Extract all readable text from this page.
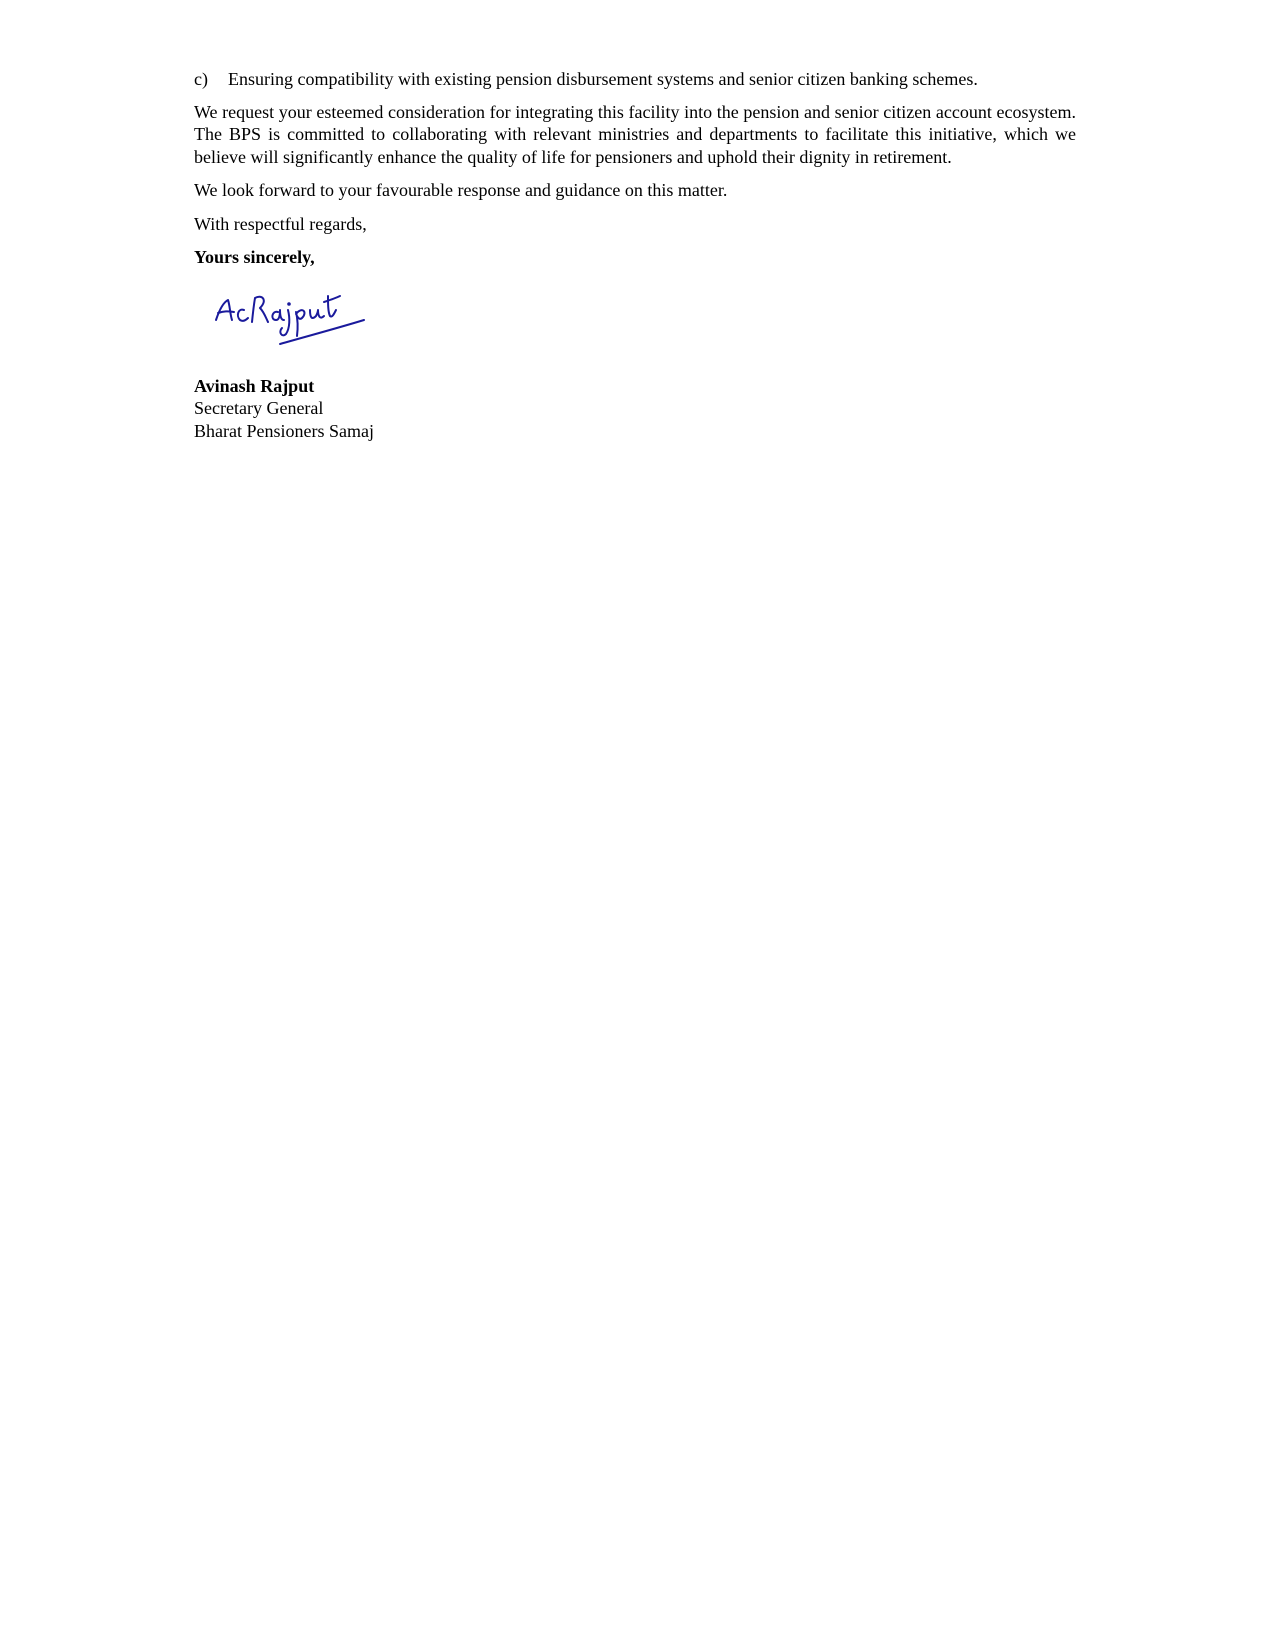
c)	Ensuring compatibility with existing pension disbursement systems and senior citizen banking schemes.

We request your esteemed consideration for integrating this facility into the pension and senior citizen account ecosystem. The BPS is committed to collaborating with relevant ministries and departments to facilitate this initiative, which we believe will significantly enhance the quality of life for pensioners and uphold their dignity in retirement.

We look forward to your favourable response and guidance on this matter.

With respectful regards,

Yours sincerely,

Avinash Rajput
Secretary General
Bharat Pensioners Samaj
